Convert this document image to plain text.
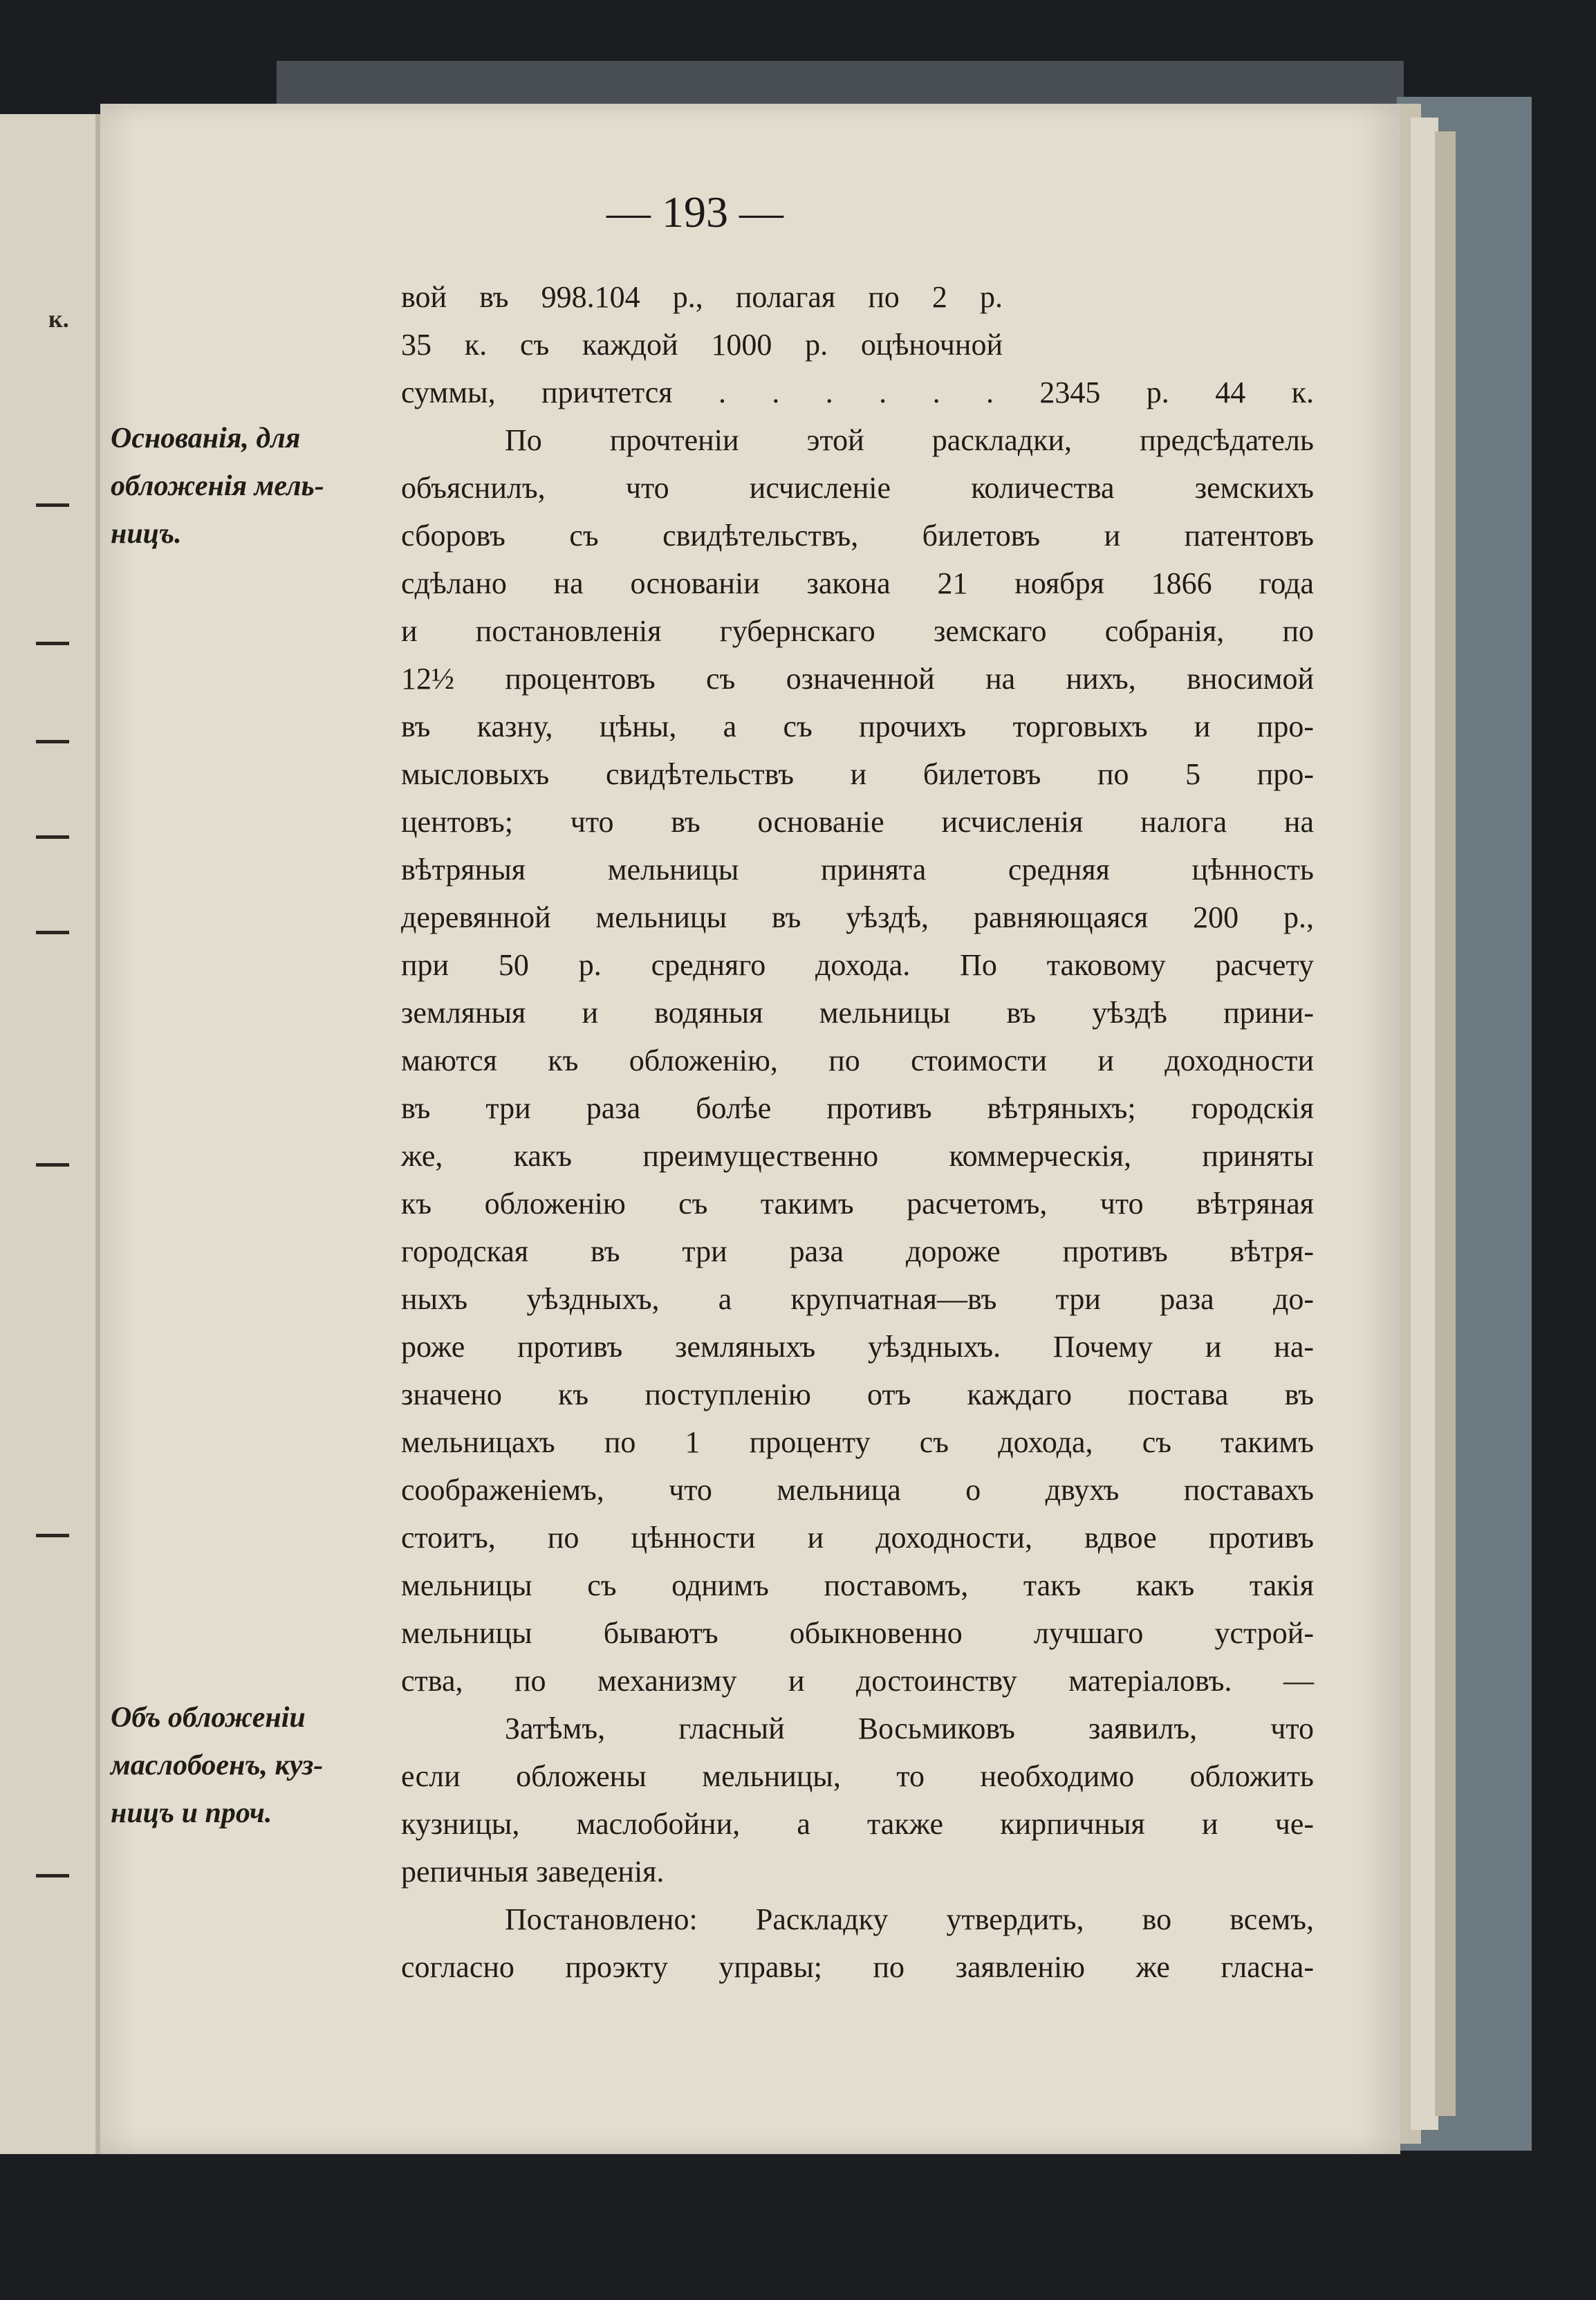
к.
— 193 —
Основанія, для
обложенія мель-
ницъ.
Объ обложеніи
маслобоенъ, куз-
ницъ и проч.
вой въ 998.104 р., полагая по 2 р.
35 к. съ каждой 1000 р. оцѣночной
суммы, причтется . . . . . . 2345 р. 44 к.
По прочтеніи этой раскладки, предсѣдатель
объяснилъ, что исчисленіе количества земскихъ
сборовъ съ свидѣтельствъ, билетовъ и патентовъ
сдѣлано на основаніи закона 21 ноября 1866 года
и постановленія губернскаго земскаго собранія, по
12½ процентовъ съ означенной на нихъ, вносимой
въ казну, цѣны, а съ прочихъ торговыхъ и про-
мысловыхъ свидѣтельствъ и билетовъ по 5 про-
центовъ; что въ основаніе исчисленія налога на
вѣтряныя мельницы принята средняя цѣнность
деревянной мельницы въ уѣздѣ, равняющаяся 200 р.,
при 50 р. средняго дохода. По таковому расчету
земляныя и водяныя мельницы въ уѣздѣ прини-
маются къ обложенію, по стоимости и доходности
въ три раза болѣе противъ вѣтряныхъ; городскія
же, какъ преимущественно коммерческія, приняты
къ обложенію съ такимъ расчетомъ, что вѣтряная
городская въ три раза дороже противъ вѣтря-
ныхъ уѣздныхъ, а крупчатная—въ три раза до-
роже противъ земляныхъ уѣздныхъ. Почему и на-
значено къ поступленію отъ каждаго постава въ
мельницахъ по 1 проценту съ дохода, съ такимъ
соображеніемъ, что мельница о двухъ поставахъ
стоитъ, по цѣнности и доходности, вдвое противъ
мельницы съ однимъ поставомъ, такъ какъ такія
мельницы бываютъ обыкновенно лучшаго устрой-
ства, по механизму и достоинству матеріаловъ. —
Затѣмъ, гласный Восьмиковъ заявилъ, что
если обложены мельницы, то необходимо обложить
кузницы, маслобойни, а также кирпичныя и че-
репичныя заведенія.
Постановлено: Раскладку утвердить, во всемъ,
согласно проэкту управы; по заявленію же гласна-
